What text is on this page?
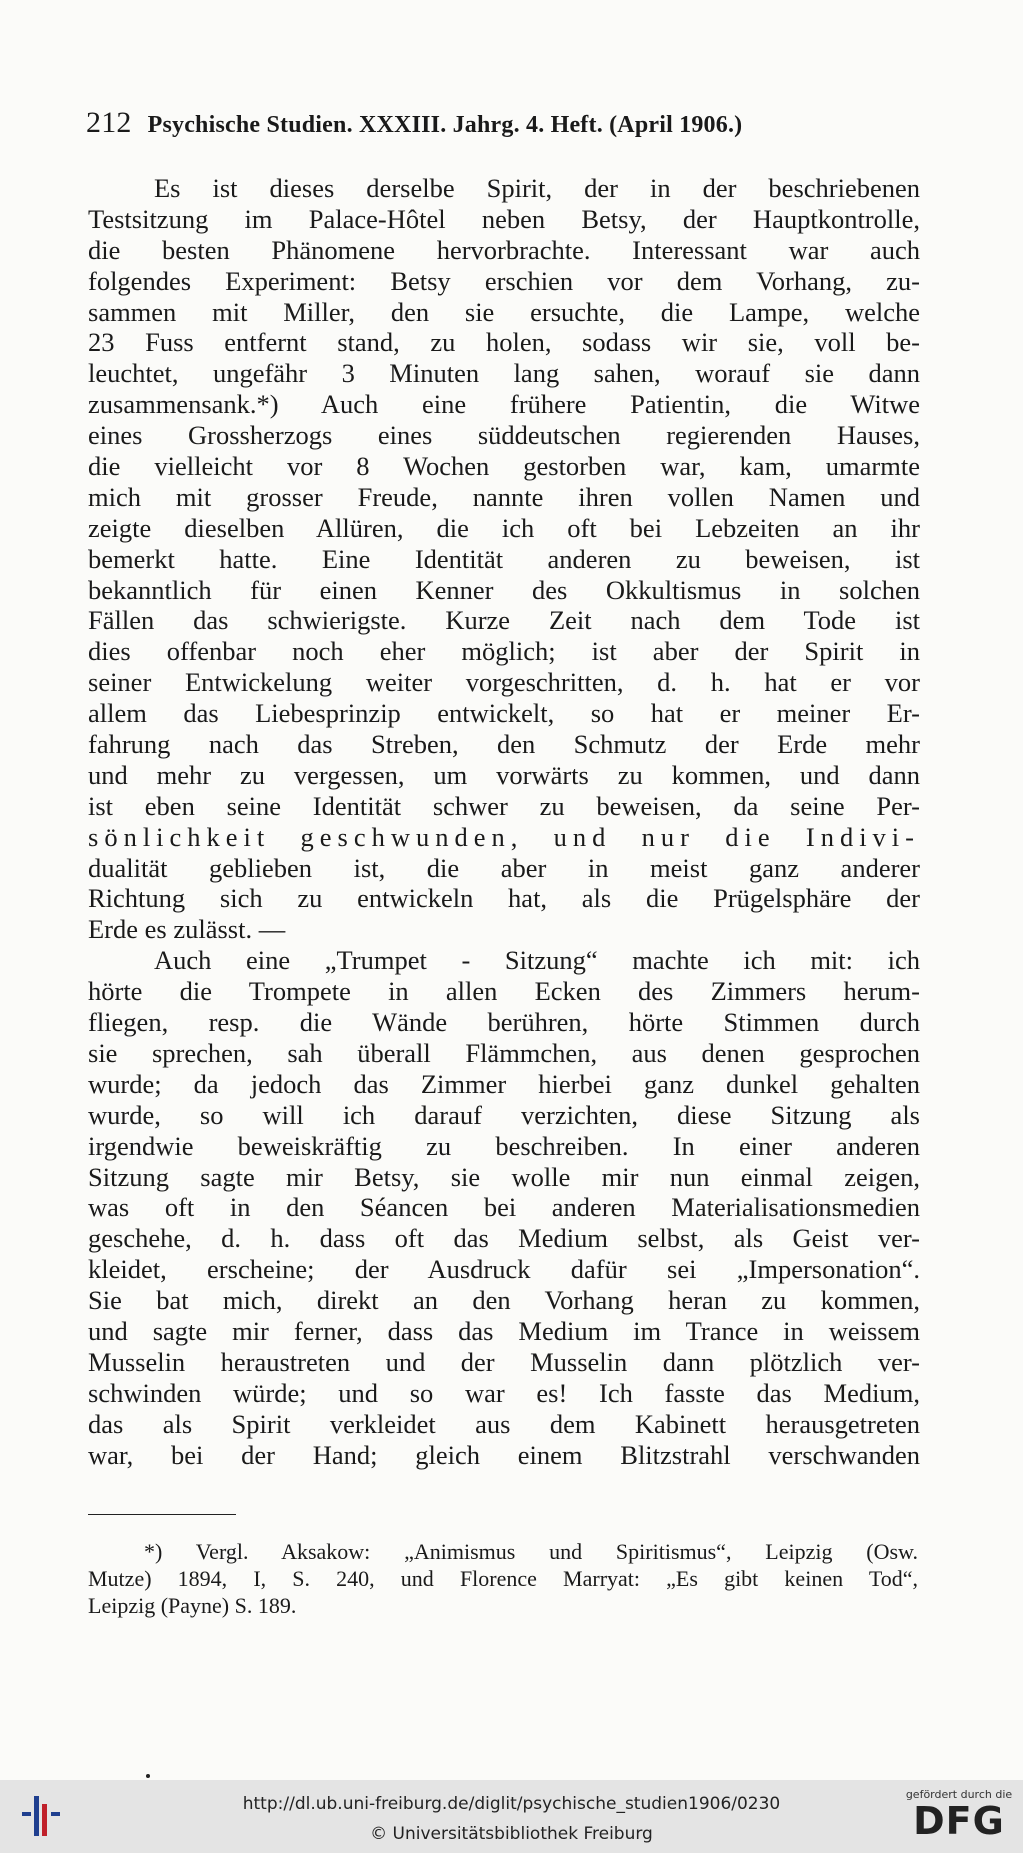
212 Psychische Studien. XXXIII. Jahrg. 4. Heft. (April 1906.)
Es ist dieses derselbe Spirit, der in der beschriebenen
Testsitzung im Palace-Hôtel neben Betsy, der Hauptkontrolle,
die besten Phänomene hervorbrachte. Interessant war auch
folgendes Experiment: Betsy erschien vor dem Vorhang, zu-
sammen mit Miller, den sie ersuchte, die Lampe, welche
23 Fuss entfernt stand, zu holen, sodass wir sie, voll be-
leuchtet, ungefähr 3 Minuten lang sahen, worauf sie dann
zusammensank.*) Auch eine frühere Patientin, die Witwe
eines Grossherzogs eines süddeutschen regierenden Hauses,
die vielleicht vor 8 Wochen gestorben war, kam, umarmte
mich mit grosser Freude, nannte ihren vollen Namen und
zeigte dieselben Allüren, die ich oft bei Lebzeiten an ihr
bemerkt hatte. Eine Identität anderen zu beweisen, ist
bekanntlich für einen Kenner des Okkultismus in solchen
Fällen das schwierigste. Kurze Zeit nach dem Tode ist
dies offenbar noch eher möglich; ist aber der Spirit in
seiner Entwickelung weiter vorgeschritten, d. h. hat er vor
allem das Liebesprinzip entwickelt, so hat er meiner Er-
fahrung nach das Streben, den Schmutz der Erde mehr
und mehr zu vergessen, um vorwärts zu kommen, und dann
ist eben seine Identität schwer zu beweisen, da seine Per-
sönlichkeit geschwunden, und nur die Indivi-
dualität geblieben ist, die aber in meist ganz anderer
Richtung sich zu entwickeln hat, als die Prügelsphäre der
Erde es zulässt. —
Auch eine „Trumpet - Sitzung“ machte ich mit: ich
hörte die Trompete in allen Ecken des Zimmers herum-
fliegen, resp. die Wände berühren, hörte Stimmen durch
sie sprechen, sah überall Flämmchen, aus denen gesprochen
wurde; da jedoch das Zimmer hierbei ganz dunkel gehalten
wurde, so will ich darauf verzichten, diese Sitzung als
irgendwie beweiskräftig zu beschreiben. In einer anderen
Sitzung sagte mir Betsy, sie wolle mir nun einmal zeigen,
was oft in den Séancen bei anderen Materialisationsmedien
geschehe, d. h. dass oft das Medium selbst, als Geist ver-
kleidet, erscheine; der Ausdruck dafür sei „Impersonation“.
Sie bat mich, direkt an den Vorhang heran zu kommen,
und sagte mir ferner, dass das Medium im Trance in weissem
Musselin heraustreten und der Musselin dann plötzlich ver-
schwinden würde; und so war es! Ich fasste das Medium,
das als Spirit verkleidet aus dem Kabinett herausgetreten
war, bei der Hand; gleich einem Blitzstrahl verschwanden
*) Vergl. Aksakow: „Animismus und Spiritismus“, Leipzig (Osw.
Mutze) 1894, I, S. 240, und Florence Marryat: „Es gibt keinen Tod“,
Leipzig (Payne) S. 189.
http://dl.ub.uni-freiburg.de/diglit/psychische_studien1906/0230
© Universitätsbibliothek Freiburg
gefördert durch die
DFG
